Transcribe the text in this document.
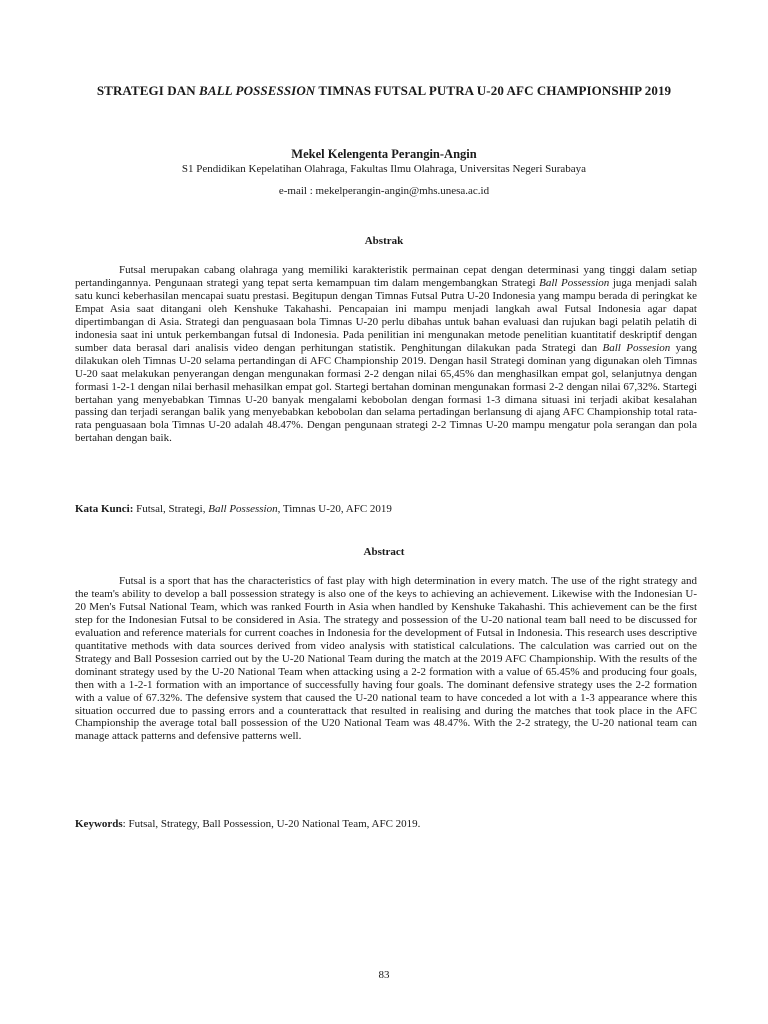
STRATEGI DAN BALL POSSESSION TIMNAS FUTSAL PUTRA U-20 AFC CHAMPIONSHIP 2019
Mekel Kelengenta Perangin-Angin
S1 Pendidikan Kepelatihan Olahraga, Fakultas Ilmu Olahraga, Universitas Negeri Surabaya
e-mail : mekelperangin-angin@mhs.unesa.ac.id
Abstrak

Futsal merupakan cabang olahraga yang memiliki karakteristik permainan cepat dengan determinasi yang tinggi dalam setiap pertandingannya. Pengunaan strategi yang tepat serta kemampuan tim dalam mengembangkan Strategi Ball Possession juga menjadi salah satu kunci keberhasilan mencapai suatu prestasi. Begitupun dengan Timnas Futsal Putra U-20 Indonesia yang mampu berada di peringkat ke Empat Asia saat ditangani oleh Kenshuke Takahashi. Pencapaian ini mampu menjadi langkah awal Futsal Indonesia agar dapat dipertimbangan di Asia. Strategi dan penguasaan bola Timnas U-20 perlu dibahas untuk bahan evaluasi dan rujukan bagi pelatih pelatih di indonesia saat ini untuk perkembangan futsal di Indonesia. Pada penilitian ini mengunakan metode penelitian kuantitatif deskriptif dengan sumber data berasal dari analisis video dengan perhitungan statistik. Penghitungan dilakukan pada Strategi dan Ball Possesion yang dilakukan oleh Timnas U-20 selama pertandingan di AFC Championship 2019. Dengan hasil Strategi dominan yang digunakan oleh Timnas U-20 saat melakukan penyerangan dengan mengunakan formasi 2-2 dengan nilai 65,45% dan menghasilkan empat gol, selanjutnya dengan formasi 1-2-1 dengan nilai berhasil mehasilkan empat gol. Startegi bertahan dominan mengunakan formasi 2-2 dengan nilai 67,32%. Startegi bertahan yang menyebabkan Timnas U-20 banyak mengalami kebobolan dengan formasi 1-3 dimana situasi ini terjadi akibat kesalahan passing dan terjadi serangan balik yang menyebabkan kebobolan dan selama pertadingan berlansung di ajang AFC Championship total rata-rata penguasaan bola Timnas U-20 adalah 48.47%. Dengan pengunaan strategi 2-2 Timnas U-20 mampu mengatur pola serangan dan pola bertahan dengan baik.

Kata Kunci: Futsal, Strategi, Ball Possession, Timnas U-20, AFC 2019
Abstract

Futsal is a sport that has the characteristics of fast play with high determination in every match. The use of the right strategy and the team's ability to develop a ball possession strategy is also one of the keys to achieving an achievement. Likewise with the Indonesian U-20 Men's Futsal National Team, which was ranked Fourth in Asia when handled by Kenshuke Takahashi. This achievement can be the first step for the Indonesian Futsal to be considered in Asia. The strategy and possession of the U-20 national team ball need to be discussed for evaluation and reference materials for current coaches in Indonesia for the development of Futsal in Indonesia. This research uses descriptive quantitative methods with data sources derived from video analysis with statistical calculations. The calculation was carried out on the Strategy and Ball Possesion carried out by the U-20 National Team during the match at the 2019 AFC Championship. With the results of the dominant strategy used by the U-20 National Team when attacking using a 2-2 formation with a value of 65.45% and producing four goals, then with a 1-2-1 formation with an importance of successfully having four goals. The dominant defensive strategy uses the 2-2 formation with a value of 67.32%. The defensive system that caused the U-20 national team to have conceded a lot with a 1-3 appearance where this situation occurred due to passing errors and a counterattack that resulted in realising and during the matches that took place in the AFC Championship the average total ball possession of the U20 National Team was 48.47%. With the 2-2 strategy, the U-20 national team can manage attack patterns and defensive patterns well.

Keywords: Futsal, Strategy, Ball Possession, U-20 National Team, AFC 2019.
83
